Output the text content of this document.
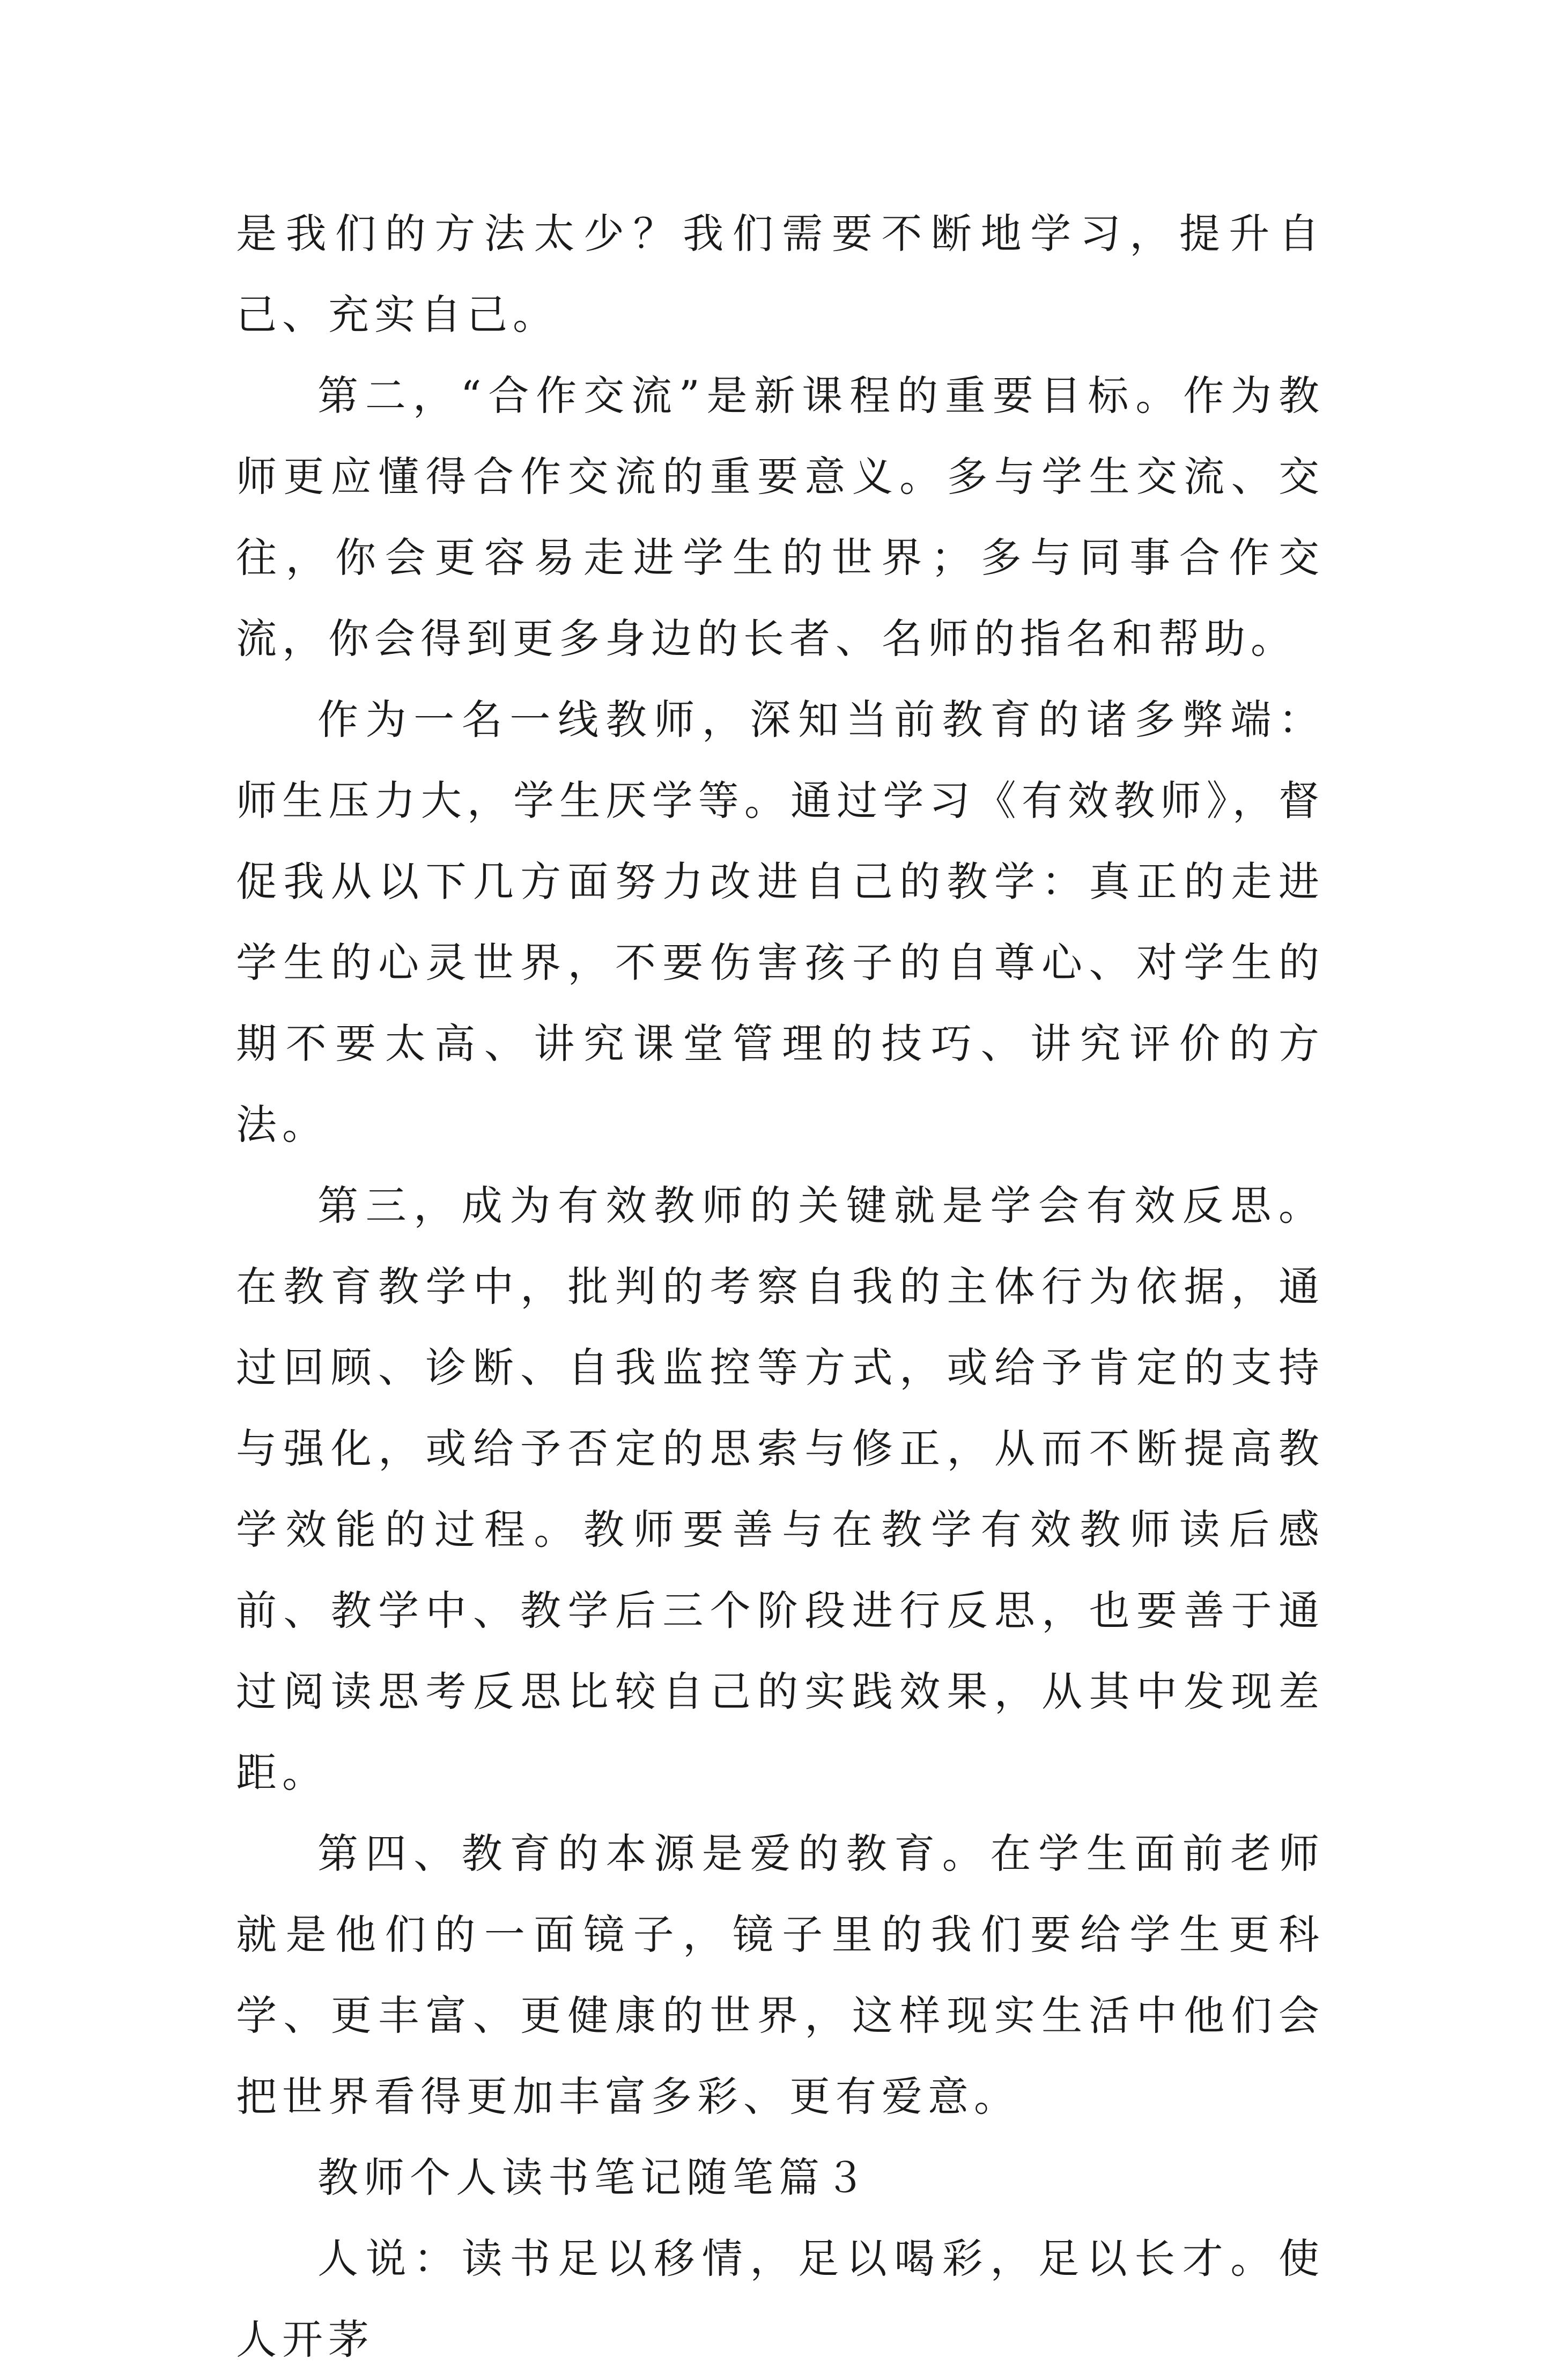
是我们的方法太少？我们需要不断地学习，提升自己、充实自己。

第二，“合作交流”是新课程的重要目标。作为教师更应懂得合作交流的重要意义。多与学生交流、交往，你会更容易走进学生的世界；多与同事合作交流，你会得到更多身边的长者、名师的指名和帮助。

作为一名一线教师，深知当前教育的诸多弊端：师生压力大，学生厌学等。通过学习《有效教师》，督促我从以下几方面努力改进自己的教学：真正的走进学生的心灵世界，不要伤害孩子的自尊心、对学生的期不要太高、讲究课堂管理的技巧、讲究评价的方法。

第三，成为有效教师的关键就是学会有效反思。在教育教学中，批判的考察自我的主体行为依据，通过回顾、诊断、自我监控等方式，或给予肯定的支持与强化，或给予否定的思索与修正，从而不断提高教学效能的过程。教师要善与在教学有效教师读后感前、教学中、教学后三个阶段进行反思，也要善于通过阅读思考反思比较自己的实践效果，从其中发现差距。

第四、教育的本源是爱的教育。在学生面前老师就是他们的一面镜子，镜子里的我们要给学生更科学、更丰富、更健康的世界，这样现实生活中他们会把世界看得更加丰富多彩、更有爱意。

教师个人读书笔记随笔篇３

人说：读书足以移情，足以喝彩，足以长才。使人开茅
